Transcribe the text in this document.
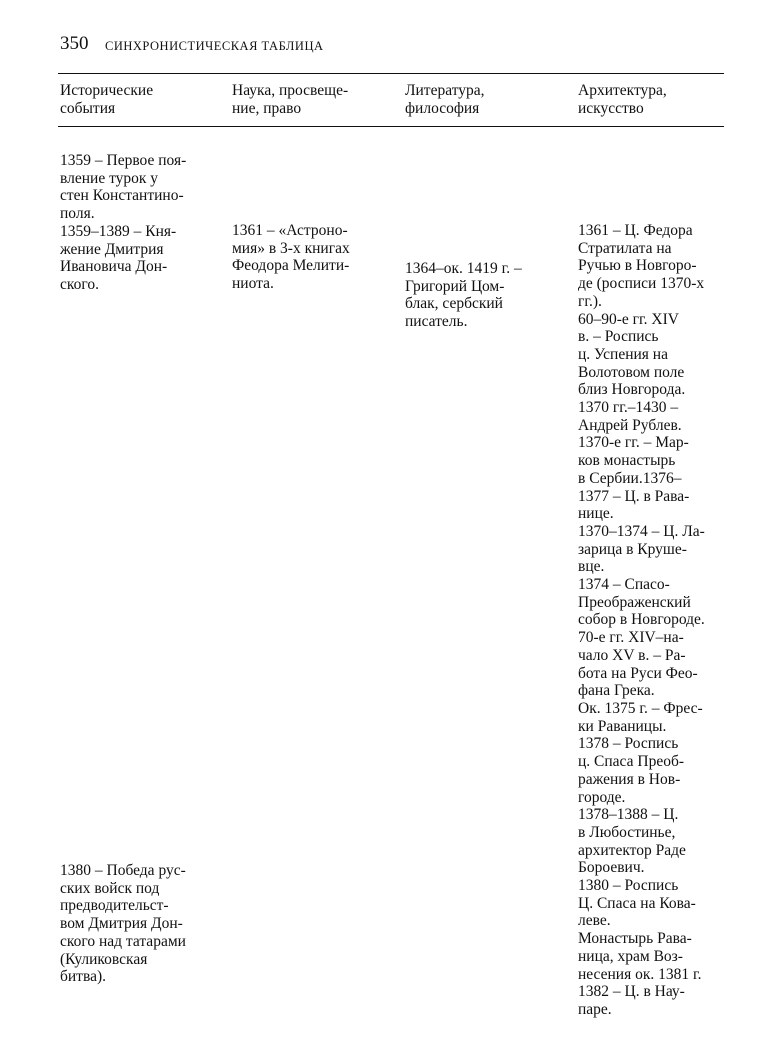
350 СИНХРОНИСТИЧЕСКАЯ ТАБЛИЦА
Исторические
события
Наука, просвеще-
ние, право
Литература,
философия
Архитектура,
искусство
1359 – Первое поя-
вление турок у
стен Константино-
поля.
1359–1389 – Кня-
жение Дмитрия
Ивановича Дон-
ского.
1380 – Победа рус-
ских войск под
предводительст-
вом Дмитрия Дон-
ского над татарами
(Куликовская
битва).
1361 – «Астроно-
мия» в 3-х книгах
Феодора Мелити-
ниота.
1364–ок. 1419 г. –
Григорий Цом-
блак, сербский
писатель.
1361 – Ц. Федора
Стратилата на
Ручью в Новгоро-
де (росписи 1370-х
гг.).
60–90-е гг. XIV
в. – Роспись
ц. Успения на
Волотовом поле
близ Новгорода.
1370 гг.–1430 –
Андрей Рублев.
1370-е гг. – Мар-
ков монастырь
в Сербии.1376–
1377 – Ц. в Рава-
нице.
1370–1374 – Ц. Ла-
зарица в Круше-
вце.
1374 – Спасо-
Преображенский
собор в Новгороде.
70-е гг. XIV–на-
чало XV в. – Ра-
бота на Руси Фео-
фана Грека.
Ок. 1375 г. – Фрес-
ки Раваницы.
1378 – Роспись
ц. Спаса Преоб-
ражения в Нов-
городе.
1378–1388 – Ц.
в Любостинье,
архитектор Раде
Бороевич.
1380 – Роспись
Ц. Спаса на Кова-
леве.
Монастырь Рава-
ница, храм Воз-
несения ок. 1381 г.
1382 – Ц. в Нау-
паре.
